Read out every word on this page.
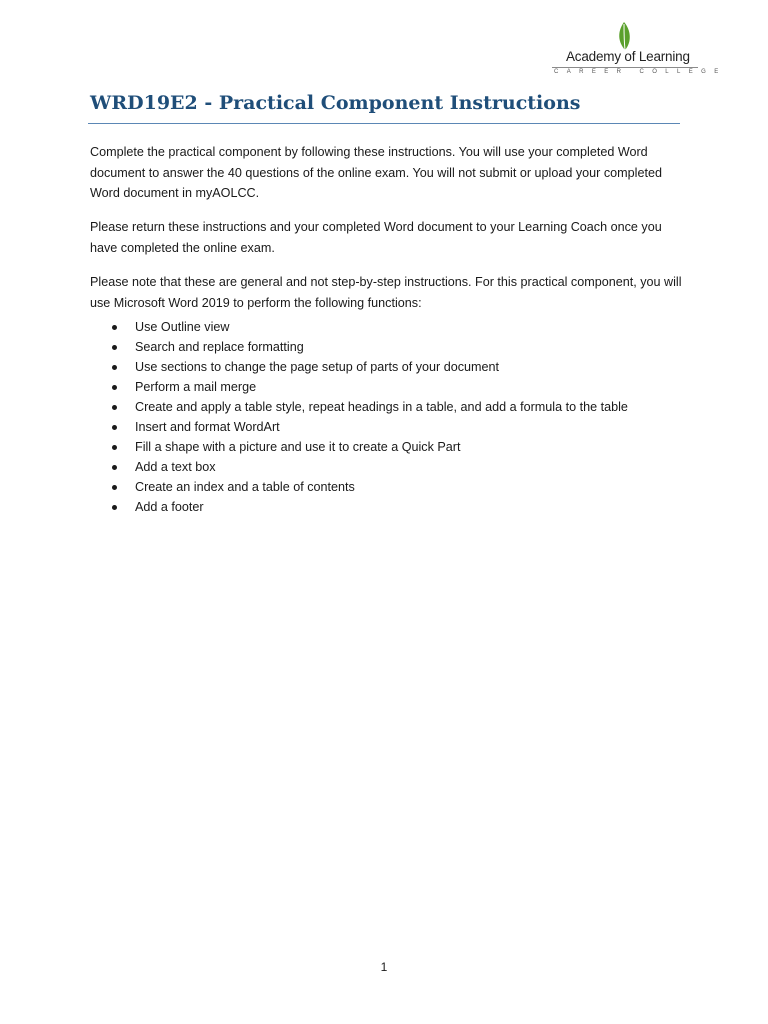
Academy of Learning
CAREER COLLEGE
WRD19E2 - Practical Component Instructions

Complete the practical component by following these instructions. You will use your completed Word document to answer the 40 questions of the online exam. You will not submit or upload your completed Word document in myAOLCC.

Please return these instructions and your completed Word document to your Learning Coach once you have completed the online exam.

Please note that these are general and not step-by-step instructions. For this practical component, you will use Microsoft Word 2019 to perform the following functions:

Use Outline view
Search and replace formatting
Use sections to change the page setup of parts of your document
Perform a mail merge
Create and apply a table style, repeat headings in a table, and add a formula to the table
Insert and format WordArt
Fill a shape with a picture and use it to create a Quick Part
Add a text box
Create an index and a table of contents
Add a footer
1
